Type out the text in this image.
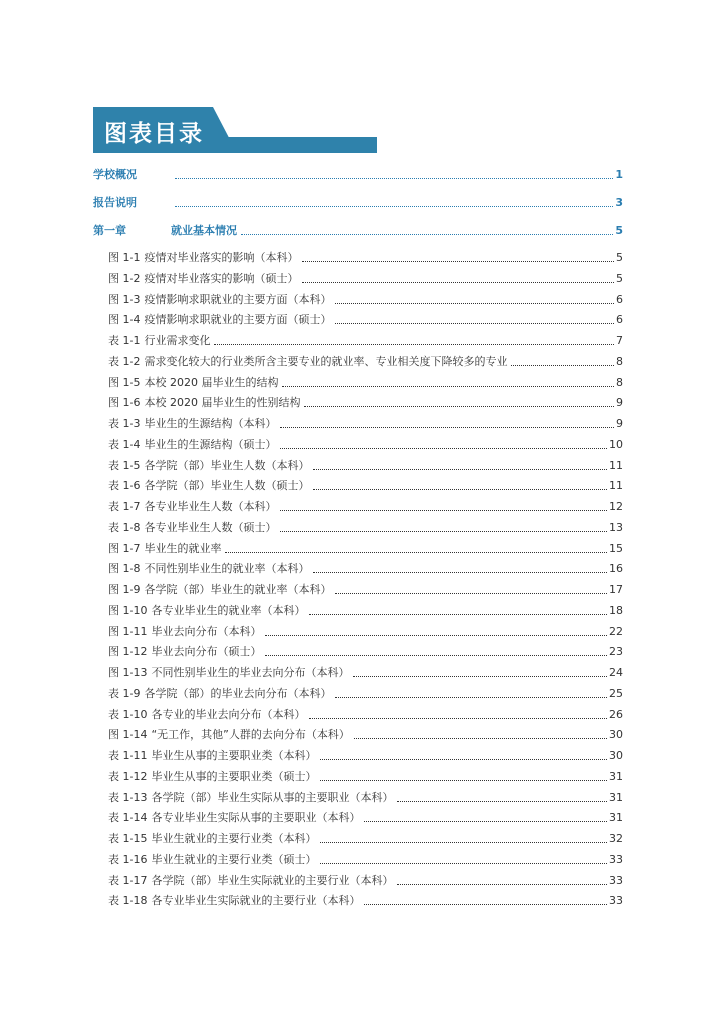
图表目录
学校概况	1
报告说明	3
第一章	就业基本情况	5
图 1-1 疫情对毕业落实的影响（本科）	5
图 1-2 疫情对毕业落实的影响（硕士）	5
图 1-3 疫情影响求职就业的主要方面（本科）	6
图 1-4 疫情影响求职就业的主要方面（硕士）	6
表 1-1 行业需求变化	7
表 1-2 需求变化较大的行业类所含主要专业的就业率、专业相关度下降较多的专业	8
图 1-5 本校 2020 届毕业生的结构	8
图 1-6 本校 2020 届毕业生的性别结构	9
表 1-3 毕业生的生源结构（本科）	9
表 1-4 毕业生的生源结构（硕士）	10
表 1-5 各学院（部）毕业生人数（本科）	11
表 1-6 各学院（部）毕业生人数（硕士）	11
表 1-7 各专业毕业生人数（本科）	12
表 1-8 各专业毕业生人数（硕士）	13
图 1-7 毕业生的就业率	15
图 1-8 不同性别毕业生的就业率（本科）	16
图 1-9 各学院（部）毕业生的就业率（本科）	17
图 1-10 各专业毕业生的就业率（本科）	18
图 1-11 毕业去向分布（本科）	22
图 1-12 毕业去向分布（硕士）	23
图 1-13 不同性别毕业生的毕业去向分布（本科）	24
表 1-9 各学院（部）的毕业去向分布（本科）	25
表 1-10 各专业的毕业去向分布（本科）	26
图 1-14 “无工作，其他”人群的去向分布（本科）	30
表 1-11 毕业生从事的主要职业类（本科）	30
表 1-12 毕业生从事的主要职业类（硕士）	31
表 1-13 各学院（部）毕业生实际从事的主要职业（本科）	31
表 1-14 各专业毕业生实际从事的主要职业（本科）	31
表 1-15 毕业生就业的主要行业类（本科）	32
表 1-16 毕业生就业的主要行业类（硕士）	33
表 1-17 各学院（部）毕业生实际就业的主要行业（本科）	33
表 1-18 各专业毕业生实际就业的主要行业（本科）	33
